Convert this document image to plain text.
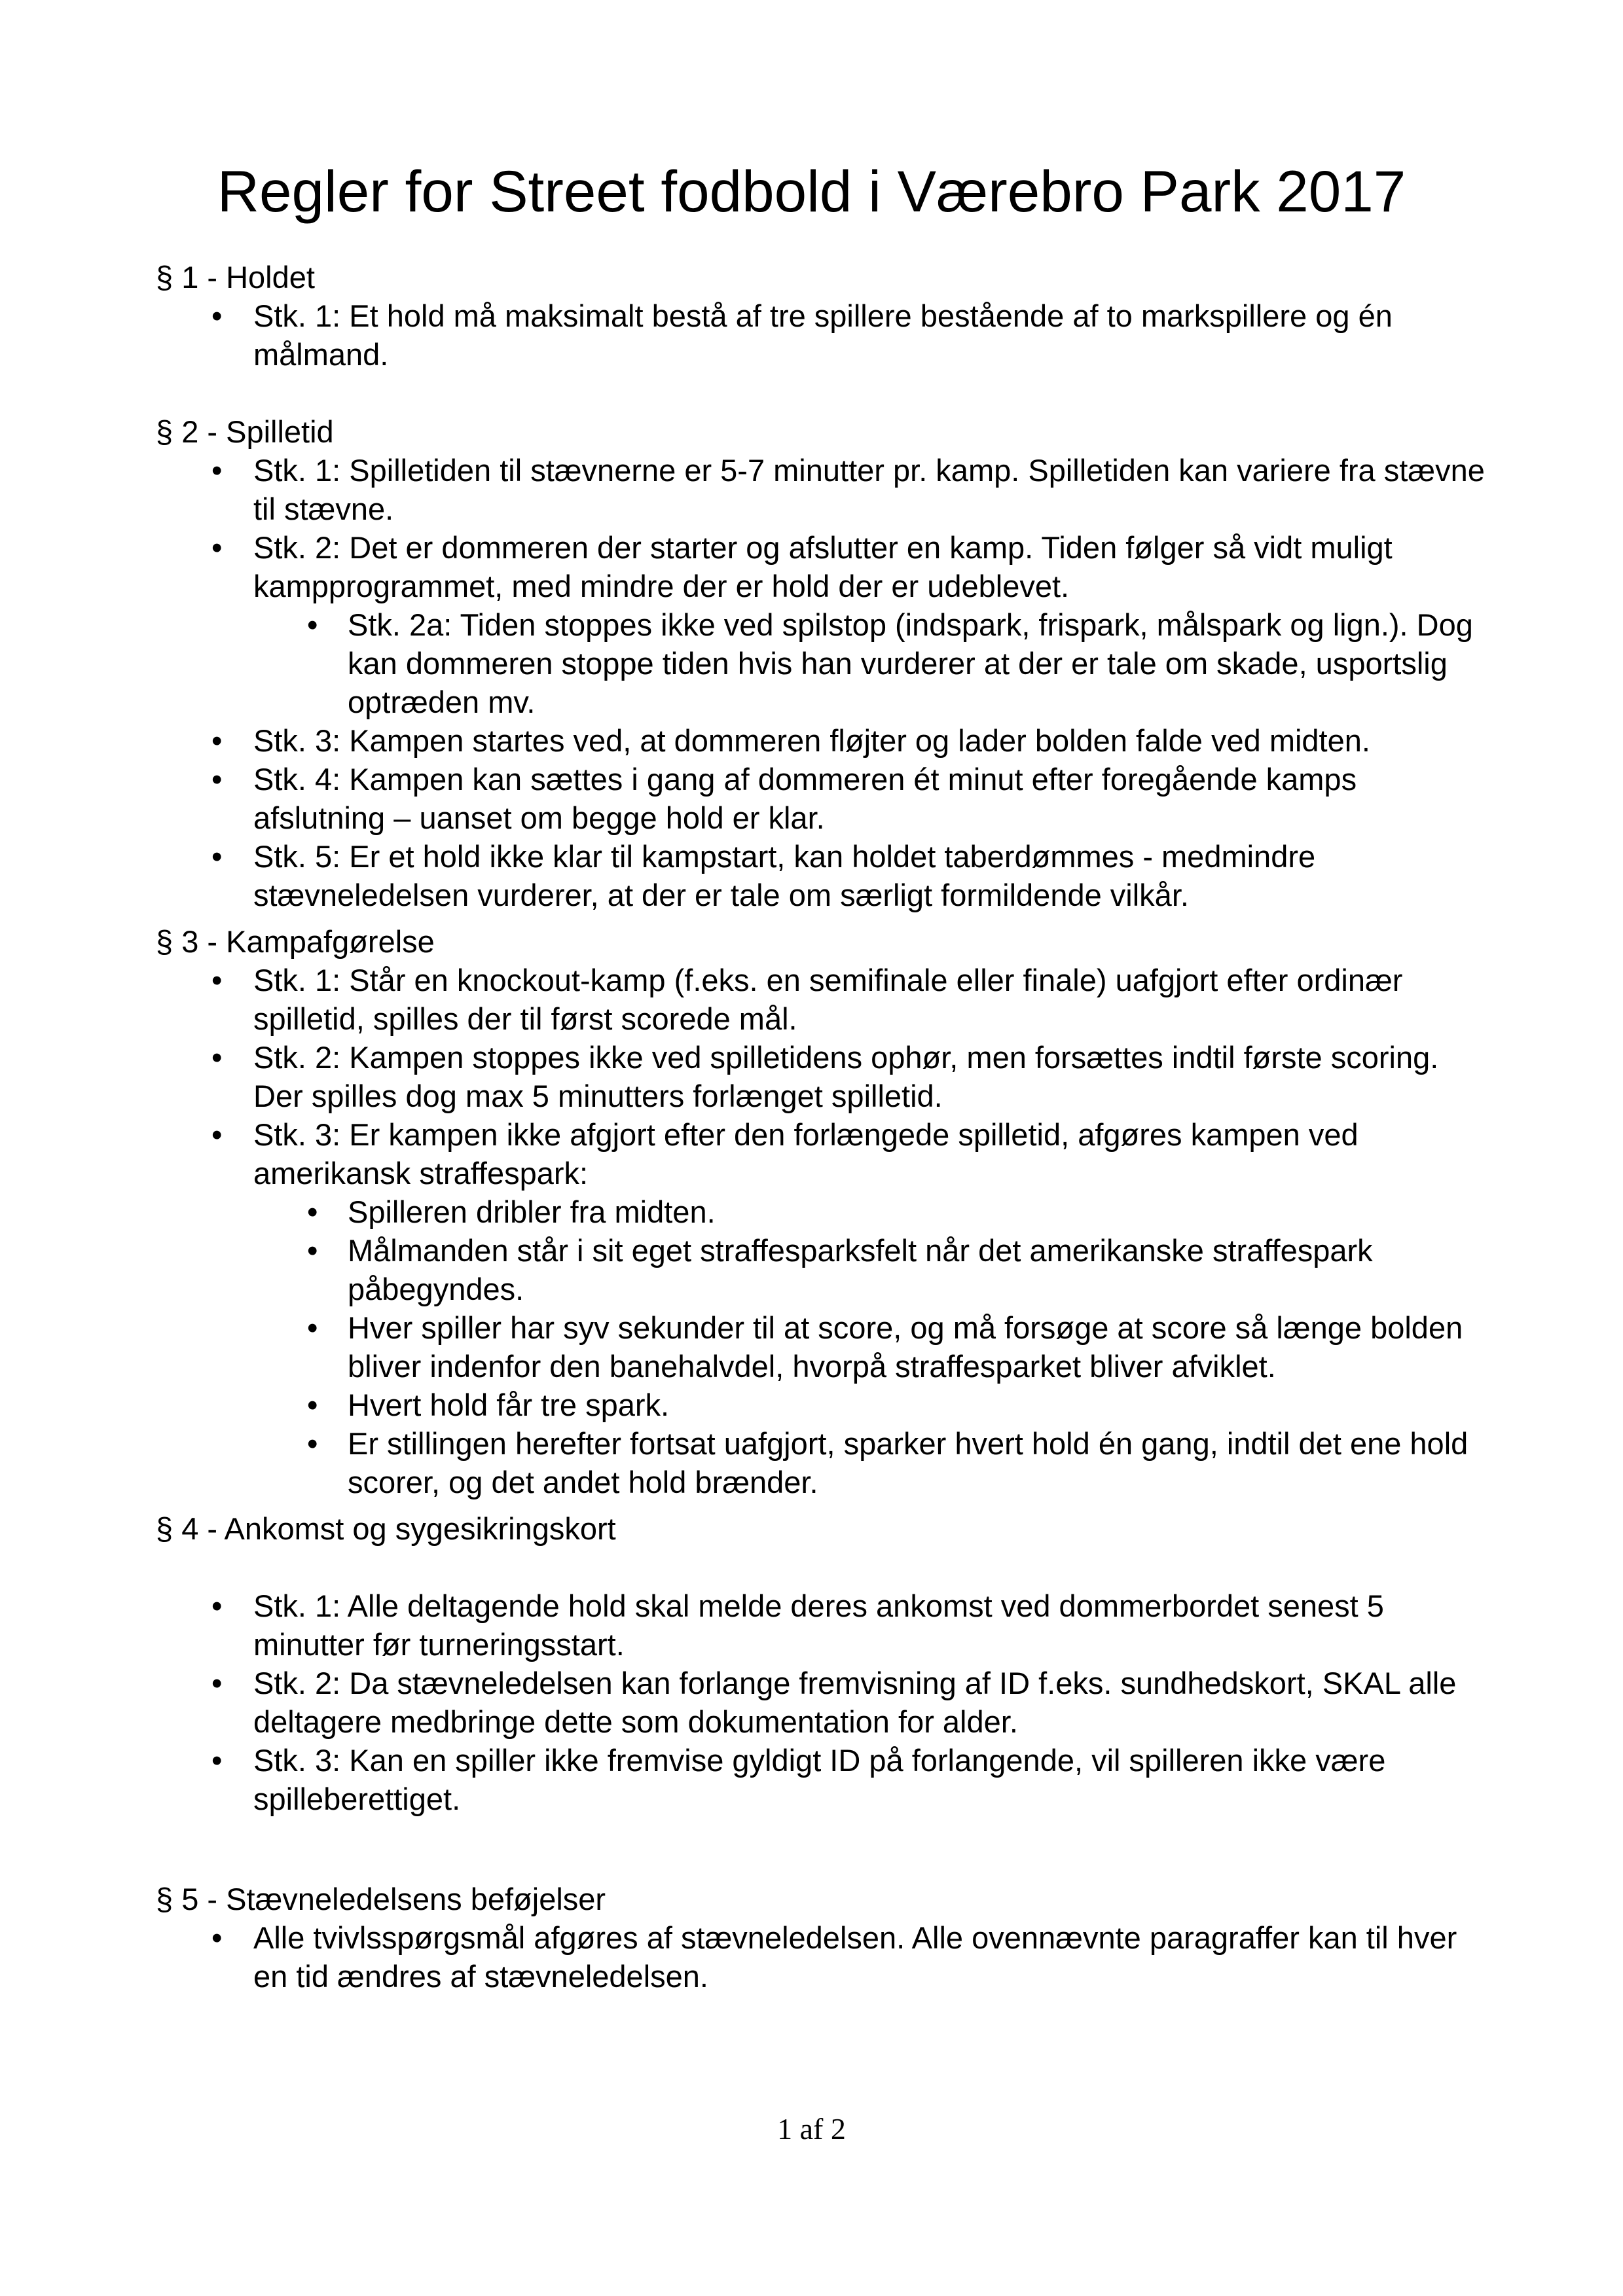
Regler for Street fodbold i Værebro Park 2017

§ 1 - Holdet

• Stk. 1: Et hold må maksimalt bestå af tre spillere bestående af to markspillere og én målmand.

§ 2 - Spilletid

• Stk. 1: Spilletiden til stævnerne er 5-7 minutter pr. kamp. Spilletiden kan variere fra stævne til stævne.
• Stk. 2: Det er dommeren der starter og afslutter en kamp. Tiden følger så vidt muligt kampprogrammet, med mindre der er hold der er udeblevet.
• Stk. 2a: Tiden stoppes ikke ved spilstop (indspark, frispark, målspark og lign.). Dog kan dommeren stoppe tiden hvis han vurderer at der er tale om skade, usportslig optræden mv.
• Stk. 3: Kampen startes ved, at dommeren fløjter og lader bolden falde ved midten.
• Stk. 4: Kampen kan sættes i gang af dommeren ét minut efter foregående kamps afslutning – uanset om begge hold er klar.
• Stk. 5: Er et hold ikke klar til kampstart, kan holdet taberdømmes - medmindre stævneledelsen vurderer, at der er tale om særligt formildende vilkår.

§ 3 - Kampafgørelse

• Stk. 1: Står en knockout-kamp (f.eks. en semifinale eller finale) uafgjort efter ordinær spilletid, spilles der til først scorede mål.
• Stk. 2: Kampen stoppes ikke ved spilletidens ophør, men forsættes indtil første scoring. Der spilles dog max 5 minutters forlænget spilletid.
• Stk. 3: Er kampen ikke afgjort efter den forlængede spilletid, afgøres kampen ved amerikansk straffespark:
• Spilleren dribler fra midten.
• Målmanden står i sit eget straffesparksfelt når det amerikanske straffespark påbegyndes.
• Hver spiller har syv sekunder til at score, og må forsøge at score så længe bolden bliver indenfor den banehalvdel, hvorpå straffesparket bliver afviklet.
• Hvert hold får tre spark.
• Er stillingen herefter fortsat uafgjort, sparker hvert hold én gang, indtil det ene hold scorer, og det andet hold brænder.

§ 4 - Ankomst og sygesikringskort

• Stk. 1: Alle deltagende hold skal melde deres ankomst ved dommerbordet senest 5 minutter før turneringsstart.
• Stk. 2: Da stævneledelsen kan forlange fremvisning af ID f.eks. sundhedskort, SKAL alle deltagere medbringe dette som dokumentation for alder.
• Stk. 3: Kan en spiller ikke fremvise gyldigt ID på forlangende, vil spilleren ikke være spilleberettiget.

§ 5 - Stævneledelsens beføjelser

• Alle tvivlsspørgsmål afgøres af stævneledelsen. Alle ovennævnte paragraffer kan til hver en tid ændres af stævneledelsen.
1 af 2
